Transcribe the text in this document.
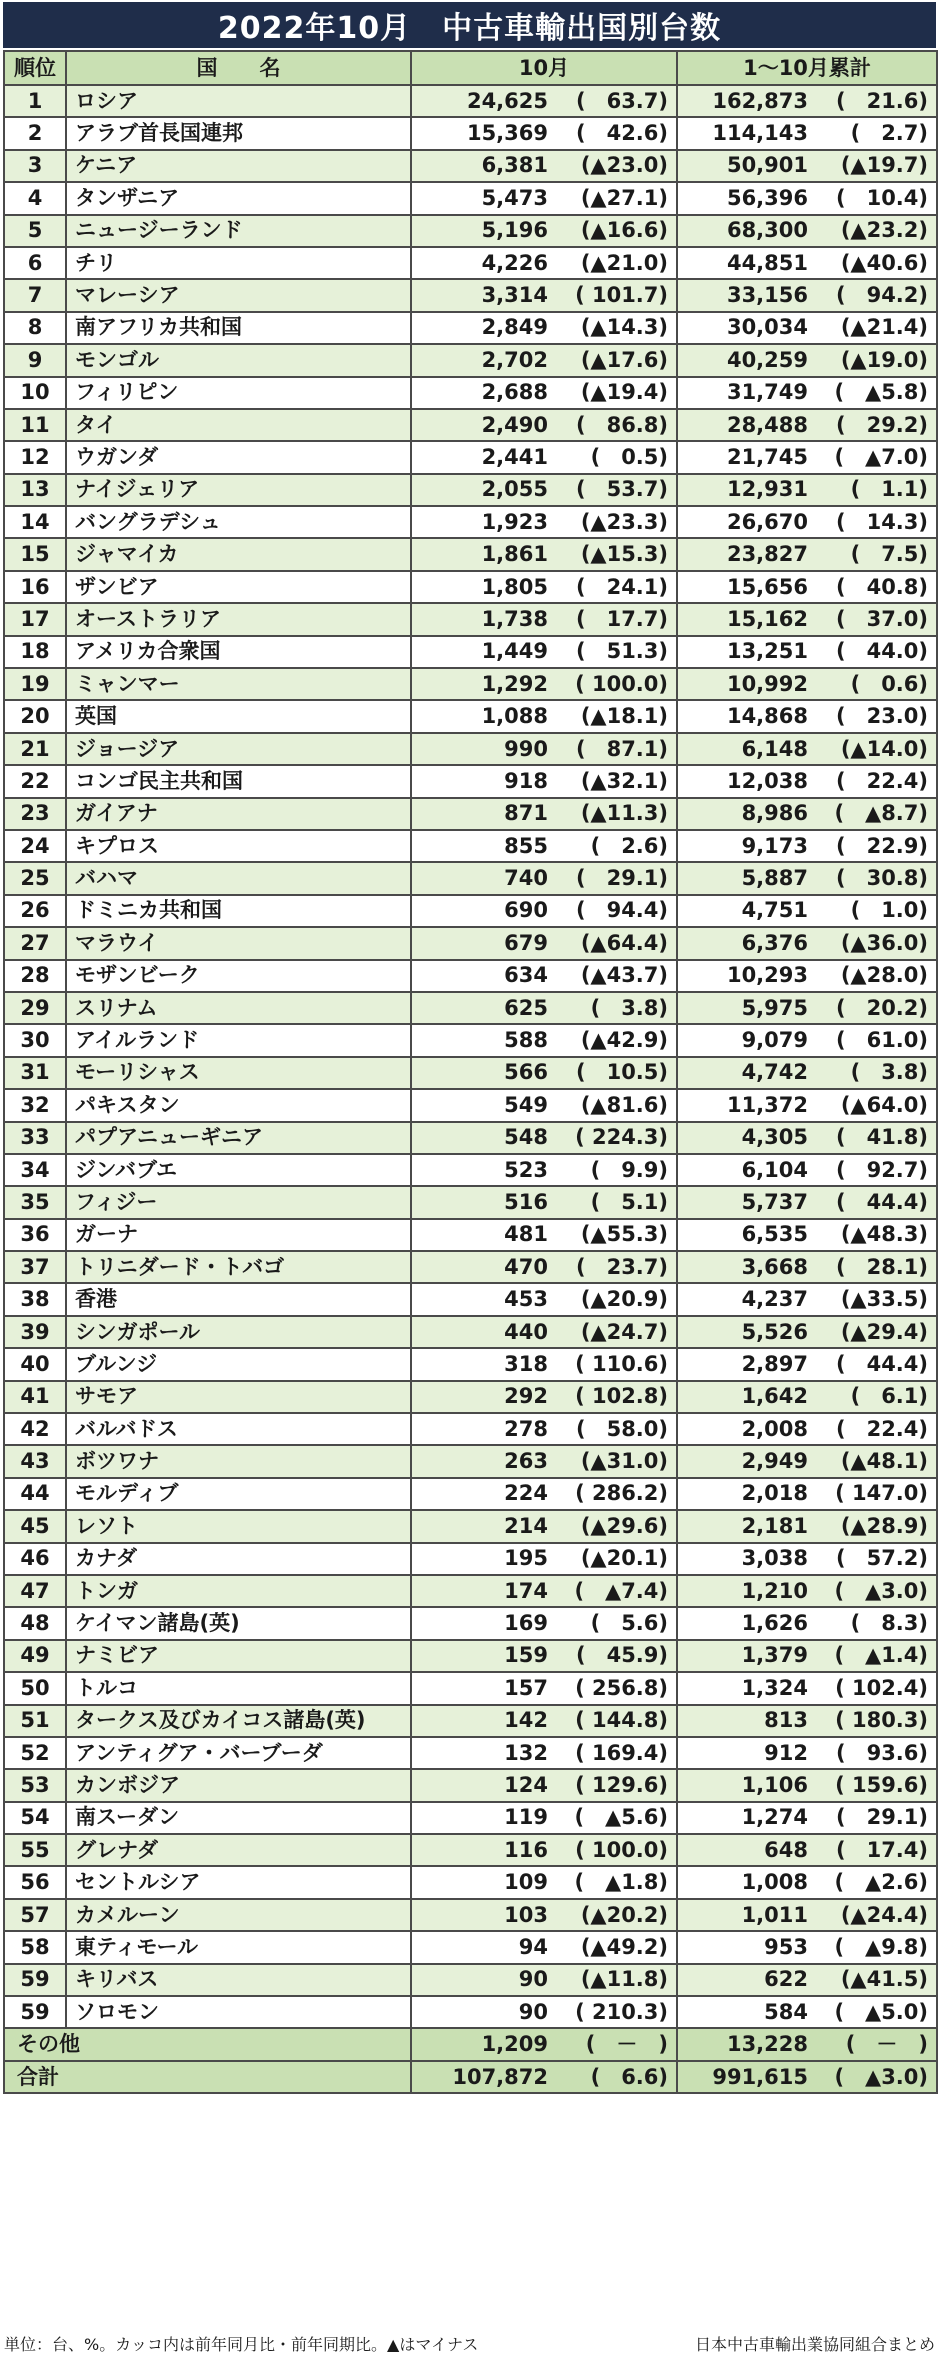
2022年10月　中古車輸出国別台数
順位	国　　名	10月	1～10月累計
1	ロシア	24,625 (　63.7)	162,873 (　21.6)
2	アラブ首長国連邦	15,369 (　42.6)	114,143 (　2.7)
3	ケニア	6,381 (▲23.0)	50,901 (▲19.7)
4	タンザニア	5,473 (▲27.1)	56,396 (　10.4)
5	ニュージーランド	5,196 (▲16.6)	68,300 (▲23.2)
6	チリ	4,226 (▲21.0)	44,851 (▲40.6)
7	マレーシア	3,314 ( 101.7)	33,156 (　94.2)
8	南アフリカ共和国	2,849 (▲14.3)	30,034 (▲21.4)
9	モンゴル	2,702 (▲17.6)	40,259 (▲19.0)
10	フィリピン	2,688 (▲19.4)	31,749 (　▲5.8)
11	タイ	2,490 (　86.8)	28,488 (　29.2)
12	ウガンダ	2,441 (　0.5)	21,745 (　▲7.0)
13	ナイジェリア	2,055 (　53.7)	12,931 (　1.1)
14	バングラデシュ	1,923 (▲23.3)	26,670 (　14.3)
15	ジャマイカ	1,861 (▲15.3)	23,827 (　7.5)
16	ザンビア	1,805 (　24.1)	15,656 (　40.8)
17	オーストラリア	1,738 (　17.7)	15,162 (　37.0)
18	アメリカ合衆国	1,449 (　51.3)	13,251 (　44.0)
19	ミャンマー	1,292 ( 100.0)	10,992 (　0.6)
20	英国	1,088 (▲18.1)	14,868 (　23.0)
21	ジョージア	990 (　87.1)	6,148 (▲14.0)
22	コンゴ民主共和国	918 (▲32.1)	12,038 (　22.4)
23	ガイアナ	871 (▲11.3)	8,986 (　▲8.7)
24	キプロス	855 (　2.6)	9,173 (　22.9)
25	バハマ	740 (　29.1)	5,887 (　30.8)
26	ドミニカ共和国	690 (　94.4)	4,751 (　1.0)
27	マラウイ	679 (▲64.4)	6,376 (▲36.0)
28	モザンビーク	634 (▲43.7)	10,293 (▲28.0)
29	スリナム	625 (　3.8)	5,975 (　20.2)
30	アイルランド	588 (▲42.9)	9,079 (　61.0)
31	モーリシャス	566 (　10.5)	4,742 (　3.8)
32	パキスタン	549 (▲81.6)	11,372 (▲64.0)
33	パプアニューギニア	548 ( 224.3)	4,305 (　41.8)
34	ジンバブエ	523 (　9.9)	6,104 (　92.7)
35	フィジー	516 (　5.1)	5,737 (　44.4)
36	ガーナ	481 (▲55.3)	6,535 (▲48.3)
37	トリニダード・トバゴ	470 (　23.7)	3,668 (　28.1)
38	香港	453 (▲20.9)	4,237 (▲33.5)
39	シンガポール	440 (▲24.7)	5,526 (▲29.4)
40	ブルンジ	318 ( 110.6)	2,897 (　44.4)
41	サモア	292 ( 102.8)	1,642 (　6.1)
42	バルバドス	278 (　58.0)	2,008 (　22.4)
43	ボツワナ	263 (▲31.0)	2,949 (▲48.1)
44	モルディブ	224 ( 286.2)	2,018 ( 147.0)
45	レソト	214 (▲29.6)	2,181 (▲28.9)
46	カナダ	195 (▲20.1)	3,038 (　57.2)
47	トンガ	174 (　▲7.4)	1,210 (　▲3.0)
48	ケイマン諸島(英)	169 (　5.6)	1,626 (　8.3)
49	ナミビア	159 (　45.9)	1,379 (　▲1.4)
50	トルコ	157 ( 256.8)	1,324 ( 102.4)
51	タークス及びカイコス諸島(英)	142 ( 144.8)	813 ( 180.3)
52	アンティグア・バーブーダ	132 ( 169.4)	912 (　93.6)
53	カンボジア	124 ( 129.6)	1,106 ( 159.6)
54	南スーダン	119 (　▲5.6)	1,274 (　29.1)
55	グレナダ	116 ( 100.0)	648 (　17.4)
56	セントルシア	109 (　▲1.8)	1,008 (　▲2.6)
57	カメルーン	103 (▲20.2)	1,011 (▲24.4)
58	東ティモール	94 (▲49.2)	953 (　▲9.8)
59	キリバス	90 (▲11.8)	622 (▲41.5)
59	ソロモン	90 ( 210.3)	584 (　▲5.0)
その他		1,209 (　－　)	13,228 (　－　)
合計		107,872 (　6.6)	991,615 (　▲3.0)
単位：台、%。カッコ内は前年同月比・前年同期比。▲はマイナス	日本中古車輸出業協同組合まとめ
